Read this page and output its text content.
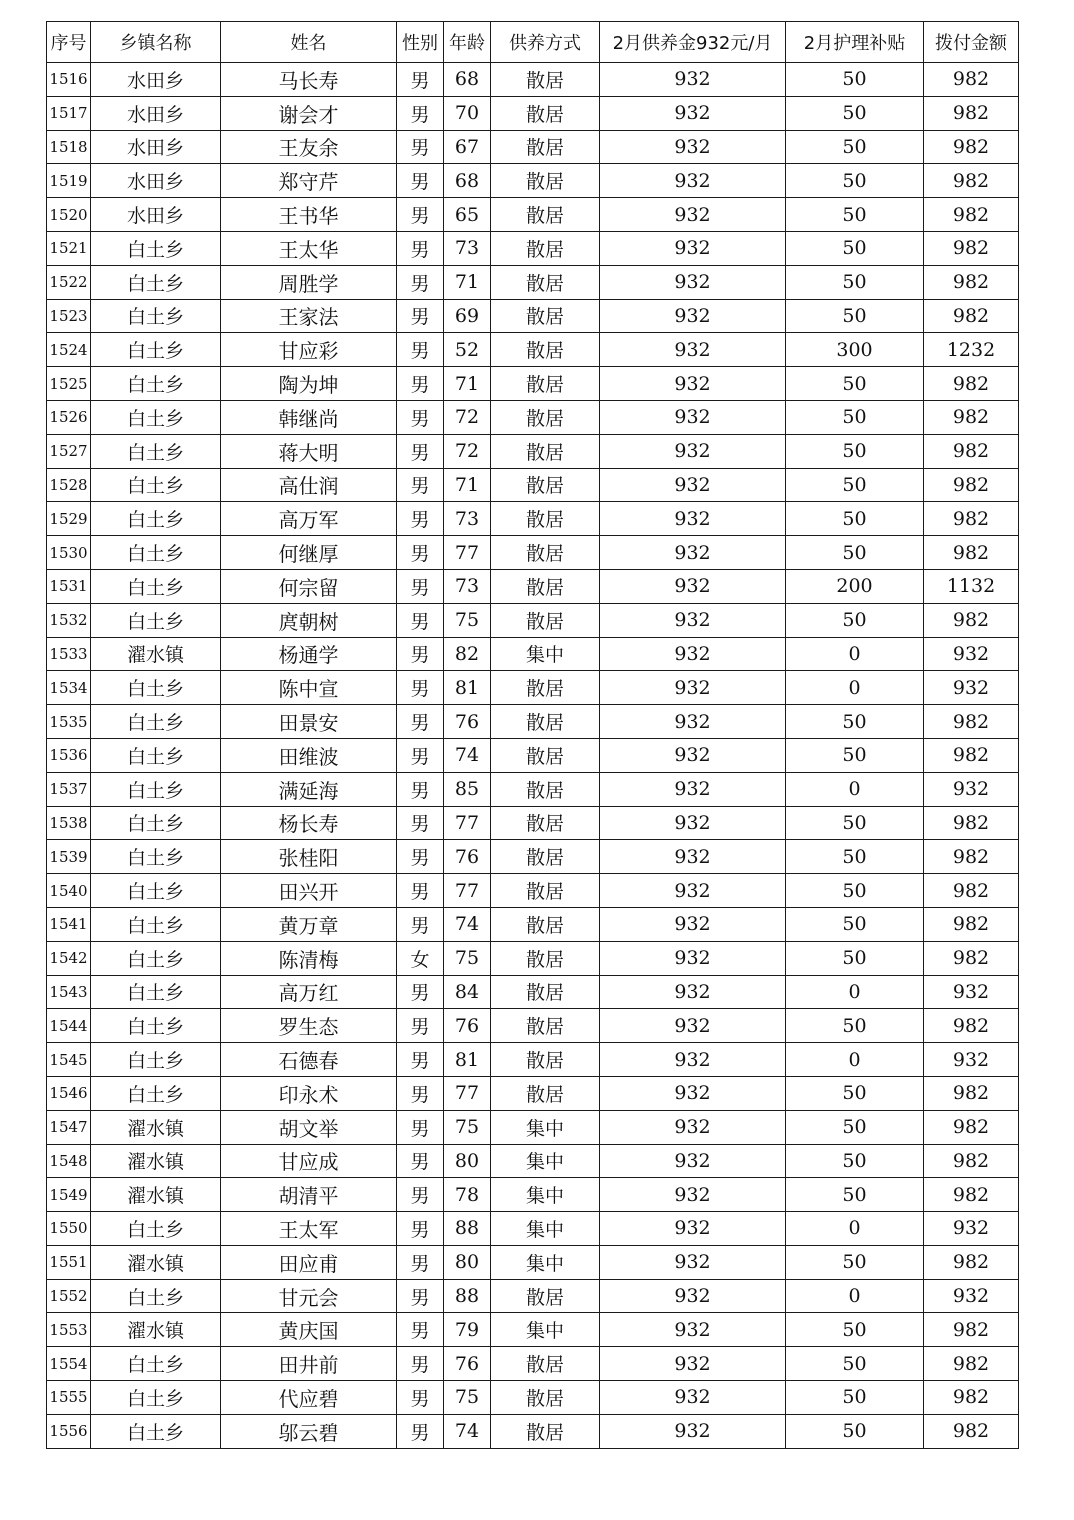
序号	乡镇名称	姓名	性别	年龄	供养方式	2月供养金932元/月	2月护理补贴	拨付金额
1516	水田乡	马长寿	男	68	散居	932	50	982
1517	水田乡	谢会才	男	70	散居	932	50	982
1518	水田乡	王友余	男	67	散居	932	50	982
1519	水田乡	郑守芹	男	68	散居	932	50	982
1520	水田乡	王书华	男	65	散居	932	50	982
1521	白土乡	王太华	男	73	散居	932	50	982
1522	白土乡	周胜学	男	71	散居	932	50	982
1523	白土乡	王家法	男	69	散居	932	50	982
1524	白土乡	甘应彩	男	52	散居	932	300	1232
1525	白土乡	陶为坤	男	71	散居	932	50	982
1526	白土乡	韩继尚	男	72	散居	932	50	982
1527	白土乡	蒋大明	男	72	散居	932	50	982
1528	白土乡	高仕润	男	71	散居	932	50	982
1529	白土乡	高万军	男	73	散居	932	50	982
1530	白土乡	何继厚	男	77	散居	932	50	982
1531	白土乡	何宗留	男	73	散居	932	200	1132
1532	白土乡	庹朝树	男	75	散居	932	50	982
1533	濯水镇	杨通学	男	82	集中	932	0	932
1534	白土乡	陈中宣	男	81	散居	932	0	932
1535	白土乡	田景安	男	76	散居	932	50	982
1536	白土乡	田维波	男	74	散居	932	50	982
1537	白土乡	满延海	男	85	散居	932	0	932
1538	白土乡	杨长寿	男	77	散居	932	50	982
1539	白土乡	张桂阳	男	76	散居	932	50	982
1540	白土乡	田兴开	男	77	散居	932	50	982
1541	白土乡	黄万章	男	74	散居	932	50	982
1542	白土乡	陈清梅	女	75	散居	932	50	982
1543	白土乡	高万红	男	84	散居	932	0	932
1544	白土乡	罗生态	男	76	散居	932	50	982
1545	白土乡	石德春	男	81	散居	932	0	932
1546	白土乡	印永术	男	77	散居	932	50	982
1547	濯水镇	胡文举	男	75	集中	932	50	982
1548	濯水镇	甘应成	男	80	集中	932	50	982
1549	濯水镇	胡清平	男	78	集中	932	50	982
1550	白土乡	王太军	男	88	集中	932	0	932
1551	濯水镇	田应甫	男	80	集中	932	50	982
1552	白土乡	甘元会	男	88	散居	932	0	932
1553	濯水镇	黄庆国	男	79	集中	932	50	982
1554	白土乡	田井前	男	76	散居	932	50	982
1555	白土乡	代应碧	男	75	散居	932	50	982
1556	白土乡	邬云碧	男	74	散居	932	50	982
